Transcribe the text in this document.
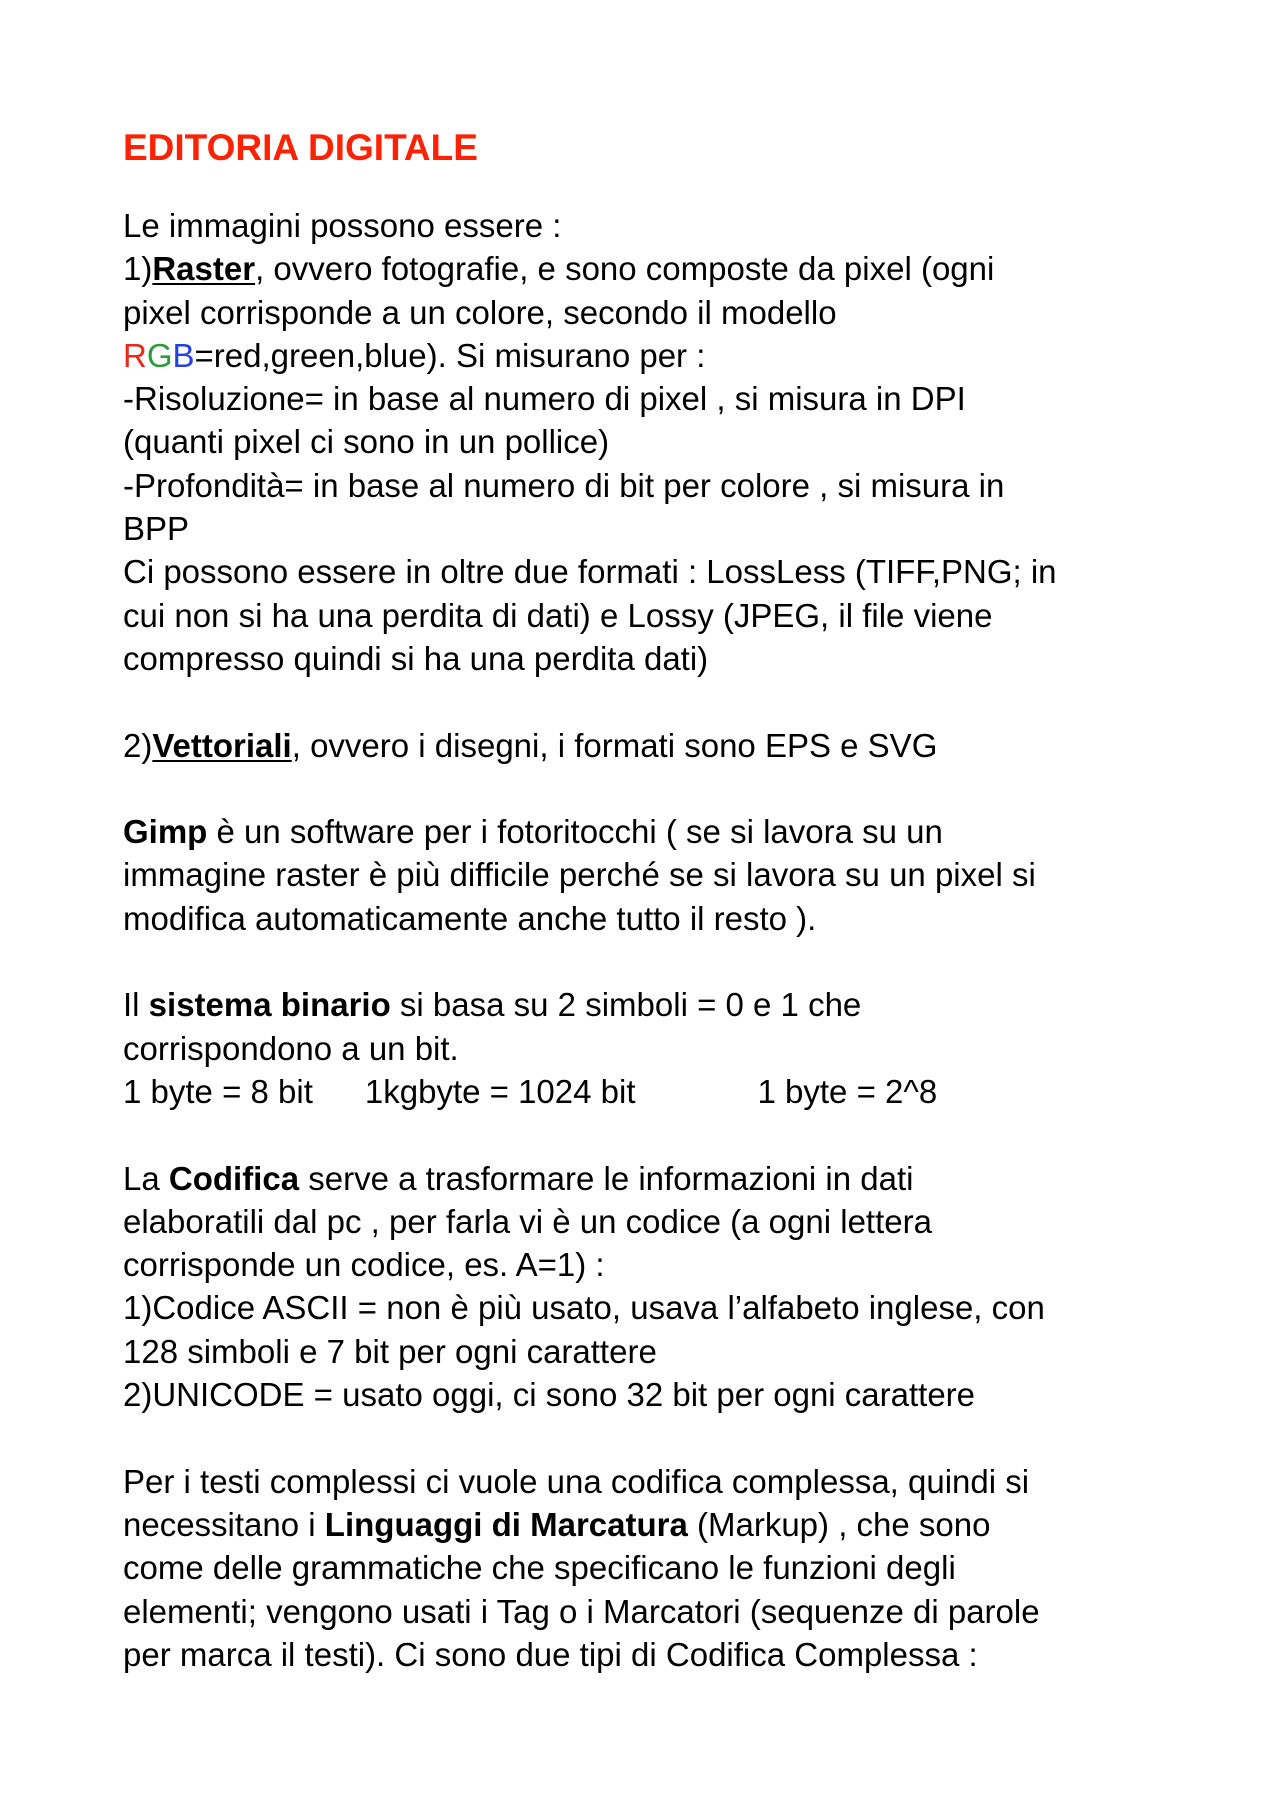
EDITORIA DIGITALE

Le immagini possono essere :

1)Raster, ovvero fotografie, e sono composte da pixel (ogni

pixel corrisponde a un colore, secondo il modello

RGB=red,green,blue). Si misurano per :

-Risoluzione= in base al numero di pixel , si misura in DPI

(quanti pixel ci sono in un pollice)

-Profondità= in base al numero di bit per colore , si misura in

BPP

Ci possono essere in oltre due formati : LossLess (TIFF,PNG; in

cui non si ha una perdita di dati) e Lossy (JPEG, il file viene

compresso quindi si ha una perdita dati)

2)Vettoriali, ovvero i disegni, i formati sono EPS e SVG

Gimp è un software per i fotoritocchi ( se si lavora su un

immagine raster è più difficile perché se si lavora su un pixel si

modifica automaticamente anche tutto il resto ).

Il sistema binario si basa su 2 simboli = 0 e 1 che

corrispondono a un bit.

1 byte = 8 bit 1kgbyte = 1024 bit	1 byte = 2^8

La Codifica serve a trasformare le informazioni in dati

elaboratili dal pc , per farla vi è un codice (a ogni lettera

corrisponde un codice, es. A=1) :

1)Codice ASCII = non è più usato, usava l’alfabeto inglese, con

128 simboli e 7 bit per ogni carattere

2)UNICODE = usato oggi, ci sono 32 bit per ogni carattere

Per i testi complessi ci vuole una codifica complessa, quindi si

necessitano i Linguaggi di Marcatura (Markup) , che sono

come delle grammatiche che specificano le funzioni degli

elementi; vengono usati i Tag o i Marcatori (sequenze di parole

per marca il testi). Ci sono due tipi di Codifica Complessa :
